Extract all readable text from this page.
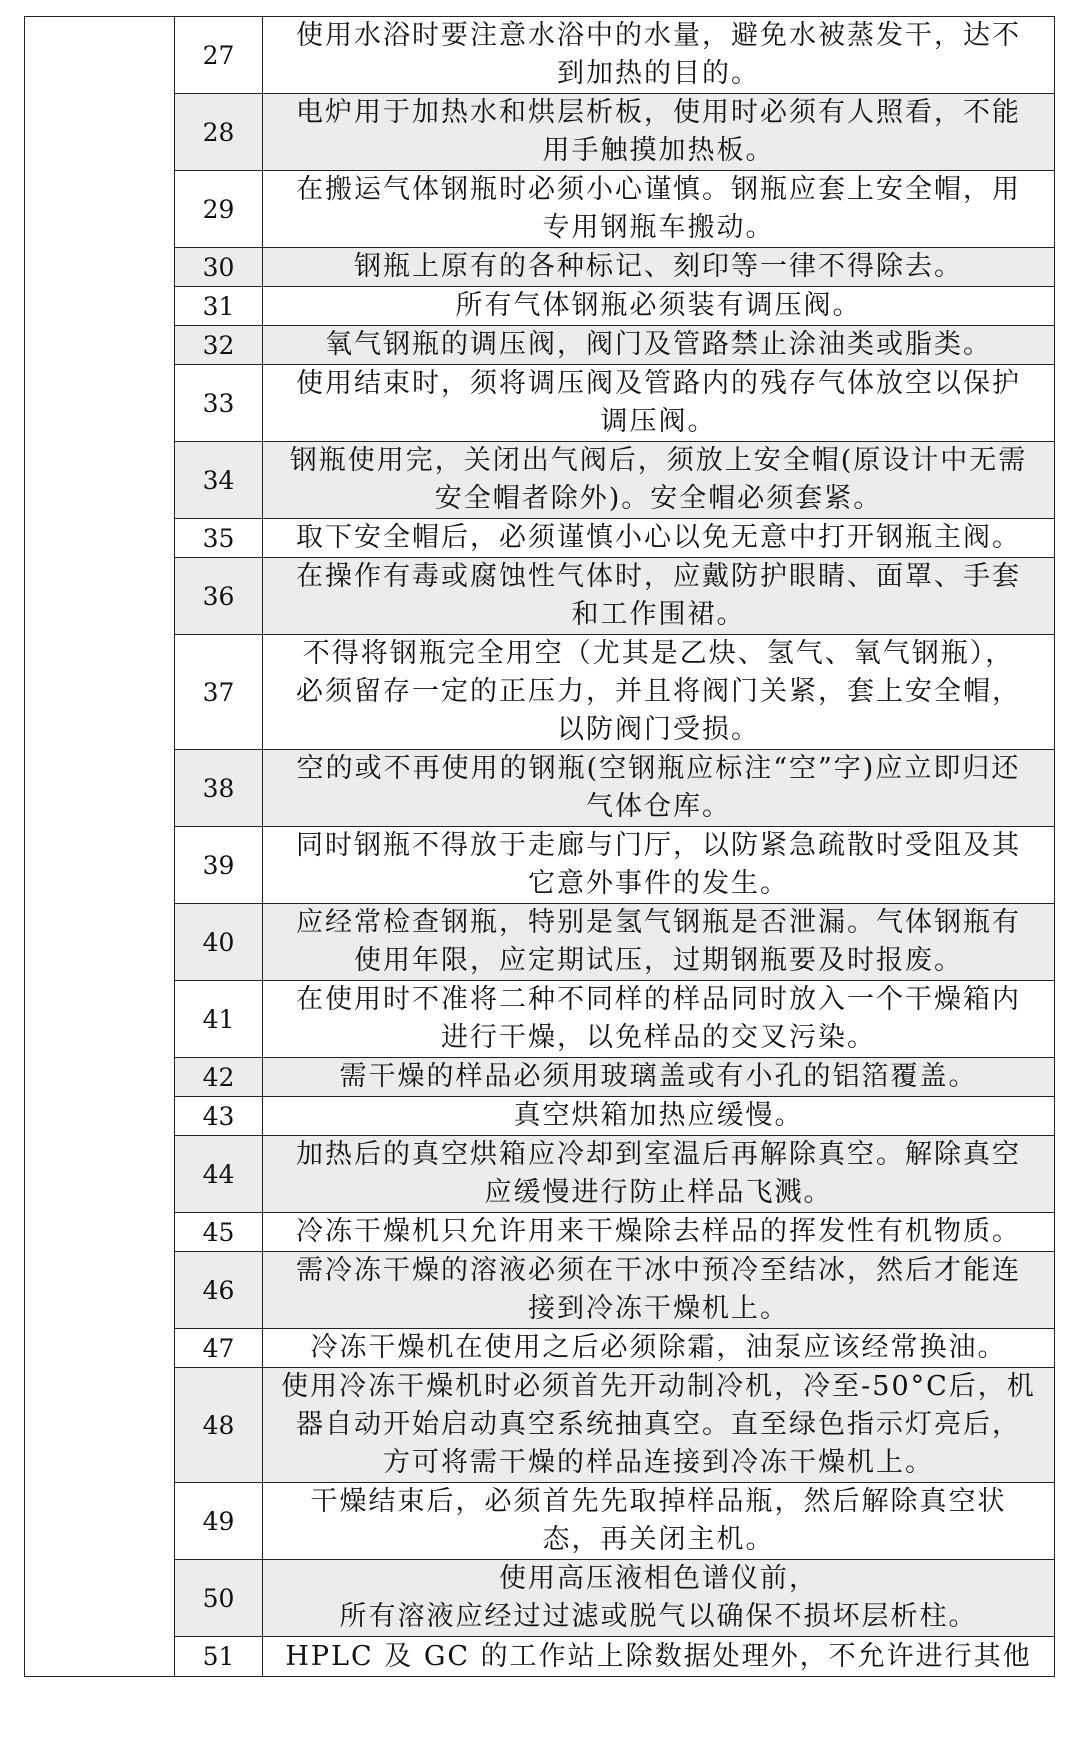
	27	使用水浴时要注意水浴中的水量，避免水被蒸发干，达不
到加热的目的。

	28	电炉用于加热水和烘层析板，使用时必须有人照看，不能
用手触摸加热板。

	29	在搬运气体钢瓶时必须小心谨慎。钢瓶应套上安全帽，用
专用钢瓶车搬动。

	30	钢瓶上原有的各种标记、刻印等一律不得除去。

	31	所有气体钢瓶必须装有调压阀。

	32	氧气钢瓶的调压阀，阀门及管路禁止涂油类或脂类。

	33	使用结束时，须将调压阀及管路内的残存气体放空以保护
调压阀。

	34	钢瓶使用完，关闭出气阀后，须放上安全帽(原设计中无需
安全帽者除外)。安全帽必须套紧。

	35	取下安全帽后，必须谨慎小心以免无意中打开钢瓶主阀。

	36	在操作有毒或腐蚀性气体时，应戴防护眼睛、面罩、手套
和工作围裙。

	37	不得将钢瓶完全用空（尤其是乙炔、氢气、氧气钢瓶），
必须留存一定的正压力，并且将阀门关紧，套上安全帽，
以防阀门受损。

	38	空的或不再使用的钢瓶(空钢瓶应标注“空”字)应立即归还
气体仓库。

	39	同时钢瓶不得放于走廊与门厅，以防紧急疏散时受阻及其
它意外事件的发生。

	40	应经常检查钢瓶，特别是氢气钢瓶是否泄漏。气体钢瓶有
使用年限，应定期试压，过期钢瓶要及时报废。

	41	在使用时不准将二种不同样的样品同时放入一个干燥箱内
进行干燥，以免样品的交叉污染。

	42	需干燥的样品必须用玻璃盖或有小孔的铝箔覆盖。

	43	真空烘箱加热应缓慢。

	44	加热后的真空烘箱应冷却到室温后再解除真空。解除真空
应缓慢进行防止样品飞溅。

	45	冷冻干燥机只允许用来干燥除去样品的挥发性有机物质。

	46	需冷冻干燥的溶液必须在干冰中预冷至结冰，然后才能连
接到冷冻干燥机上。

	47	冷冻干燥机在使用之后必须除霜，油泵应该经常换油。

	48	使用冷冻干燥机时必须首先开动制冷机，冷至-50°C后，机
器自动开始启动真空系统抽真空。直至绿色指示灯亮后，
方可将需干燥的样品连接到冷冻干燥机上。

	49	干燥结束后，必须首先先取掉样品瓶，然后解除真空状
态，再关闭主机。

	50	使用高压液相色谱仪前，
所有溶液应经过过滤或脱气以确保不损坏层析柱。

	51	HPLC 及 GC 的工作站上除数据处理外，不允许进行其他
